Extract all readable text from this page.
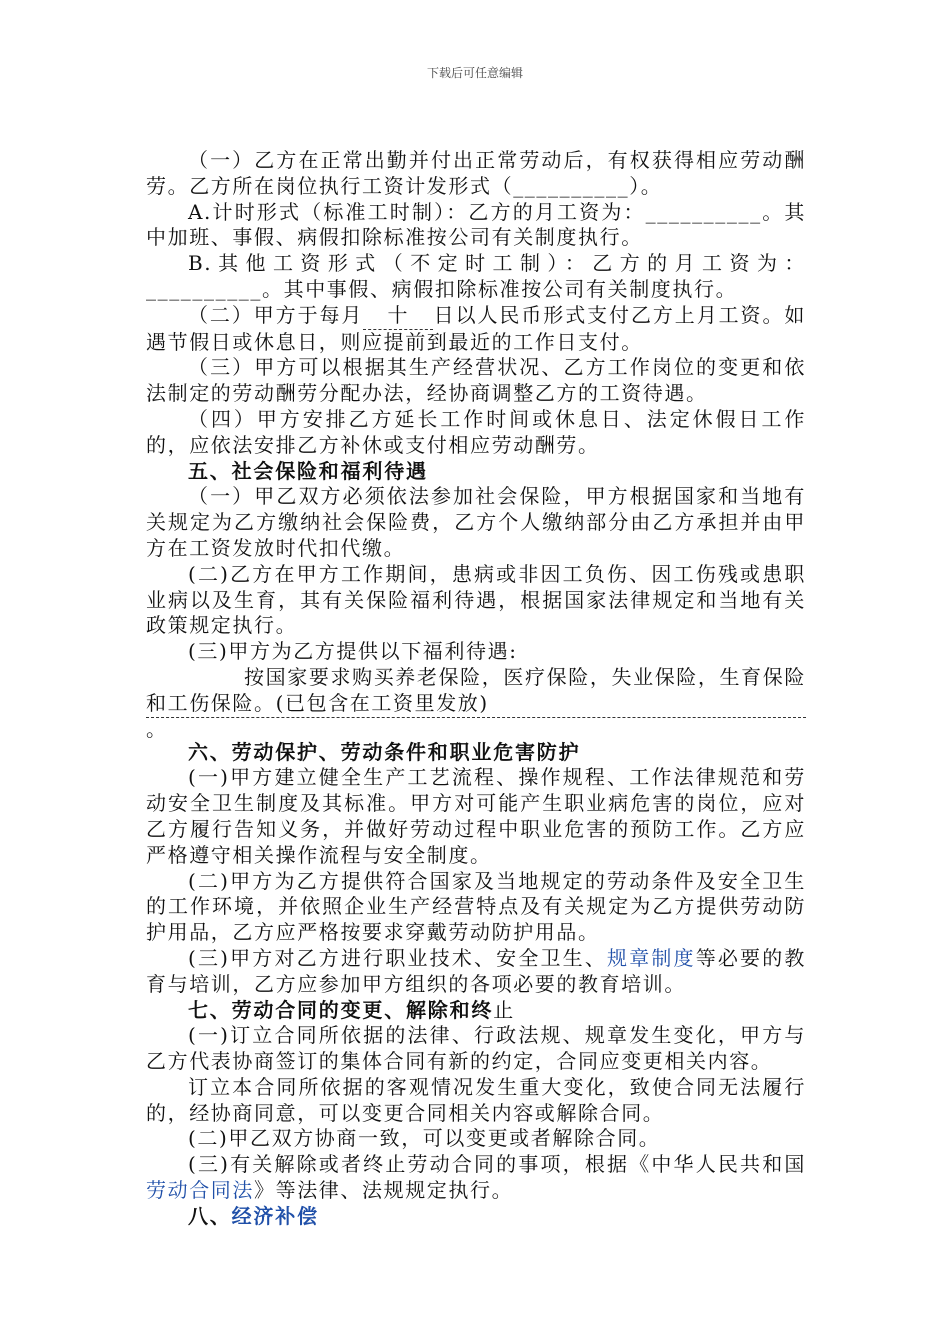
下载后可任意编辑

（一）乙方在正常出勤并付出正常劳动后，有权获得相应劳动酬劳。乙方所在岗位执行工资计发形式（__________）。

A.计时形式（标准工时制）：乙方的月工资为：__________。其中加班、事假、病假扣除标准按公司有关制度执行。

B.其他工资形式（不定时工制）：乙方的月工资为：__________。其中事假、病假扣除标准按公司有关制度执行。

（二）甲方于每月 十 日以人民币形式支付乙方上月工资。如遇节假日或休息日，则应提前到最近的工作日支付。

（三）甲方可以根据其生产经营状况、乙方工作岗位的变更和依法制定的劳动酬劳分配办法，经协商调整乙方的工资待遇。

（四）甲方安排乙方延长工作时间或休息日、法定休假日工作的，应依法安排乙方补休或支付相应劳动酬劳。

五、社会保险和福利待遇

（一）甲乙双方必须依法参加社会保险，甲方根据国家和当地有关规定为乙方缴纳社会保险费，乙方个人缴纳部分由乙方承担并由甲方在工资发放时代扣代缴。

(二)乙方在甲方工作期间，患病或非因工负伤、因工伤残或患职业病以及生育，其有关保险福利待遇，根据国家法律规定和当地有关政策规定执行。

(三)甲方为乙方提供以下福利待遇:

按国家要求购买养老保险，医疗保险，失业保险，生育保险和工伤保险。(已包含在工资里发放)

。

六、劳动保护、劳动条件和职业危害防护

(一)甲方建立健全生产工艺流程、操作规程、工作法律规范和劳动安全卫生制度及其标准。甲方对可能产生职业病危害的岗位，应对乙方履行告知义务，并做好劳动过程中职业危害的预防工作。乙方应严格遵守相关操作流程与安全制度。

(二)甲方为乙方提供符合国家及当地规定的劳动条件及安全卫生的工作环境，并依照企业生产经营特点及有关规定为乙方提供劳动防护用品，乙方应严格按要求穿戴劳动防护用品。

(三)甲方对乙方进行职业技术、安全卫生、规章制度等必要的教育与培训，乙方应参加甲方组织的各项必要的教育培训。

七、劳动合同的变更、解除和终止

(一)订立合同所依据的法律、行政法规、规章发生变化，甲方与乙方代表协商签订的集体合同有新的约定，合同应变更相关内容。

订立本合同所依据的客观情况发生重大变化，致使合同无法履行的，经协商同意，可以变更合同相关内容或解除合同。

(二)甲乙双方协商一致，可以变更或者解除合同。

(三)有关解除或者终止劳动合同的事项，根据《中华人民共和国劳动合同法》等法律、法规规定执行。

八、经济补偿
